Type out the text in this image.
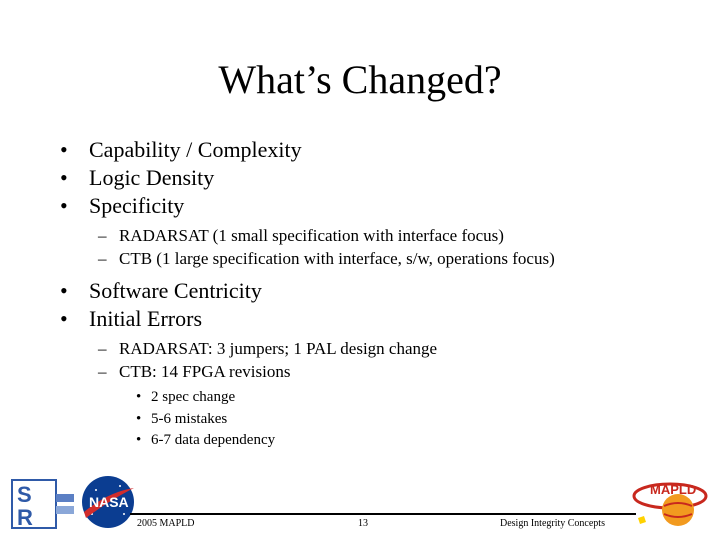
What’s Changed?
• Capability / Complexity
• Logic Density
• Specificity
– RADARSAT (1 small specification with interface focus)
– CTB (1 large specification with interface, s/w, operations focus)
• Software Centricity
• Initial Errors
– RADARSAT: 3 jumpers; 1 PAL design change
– CTB: 14 FPGA revisions
• 2 spec change
• 5-6 mistakes
• 6-7 data dependency
S
R
NASA
MAPLD
2005 MAPLD	13	Design Integrity Concepts
